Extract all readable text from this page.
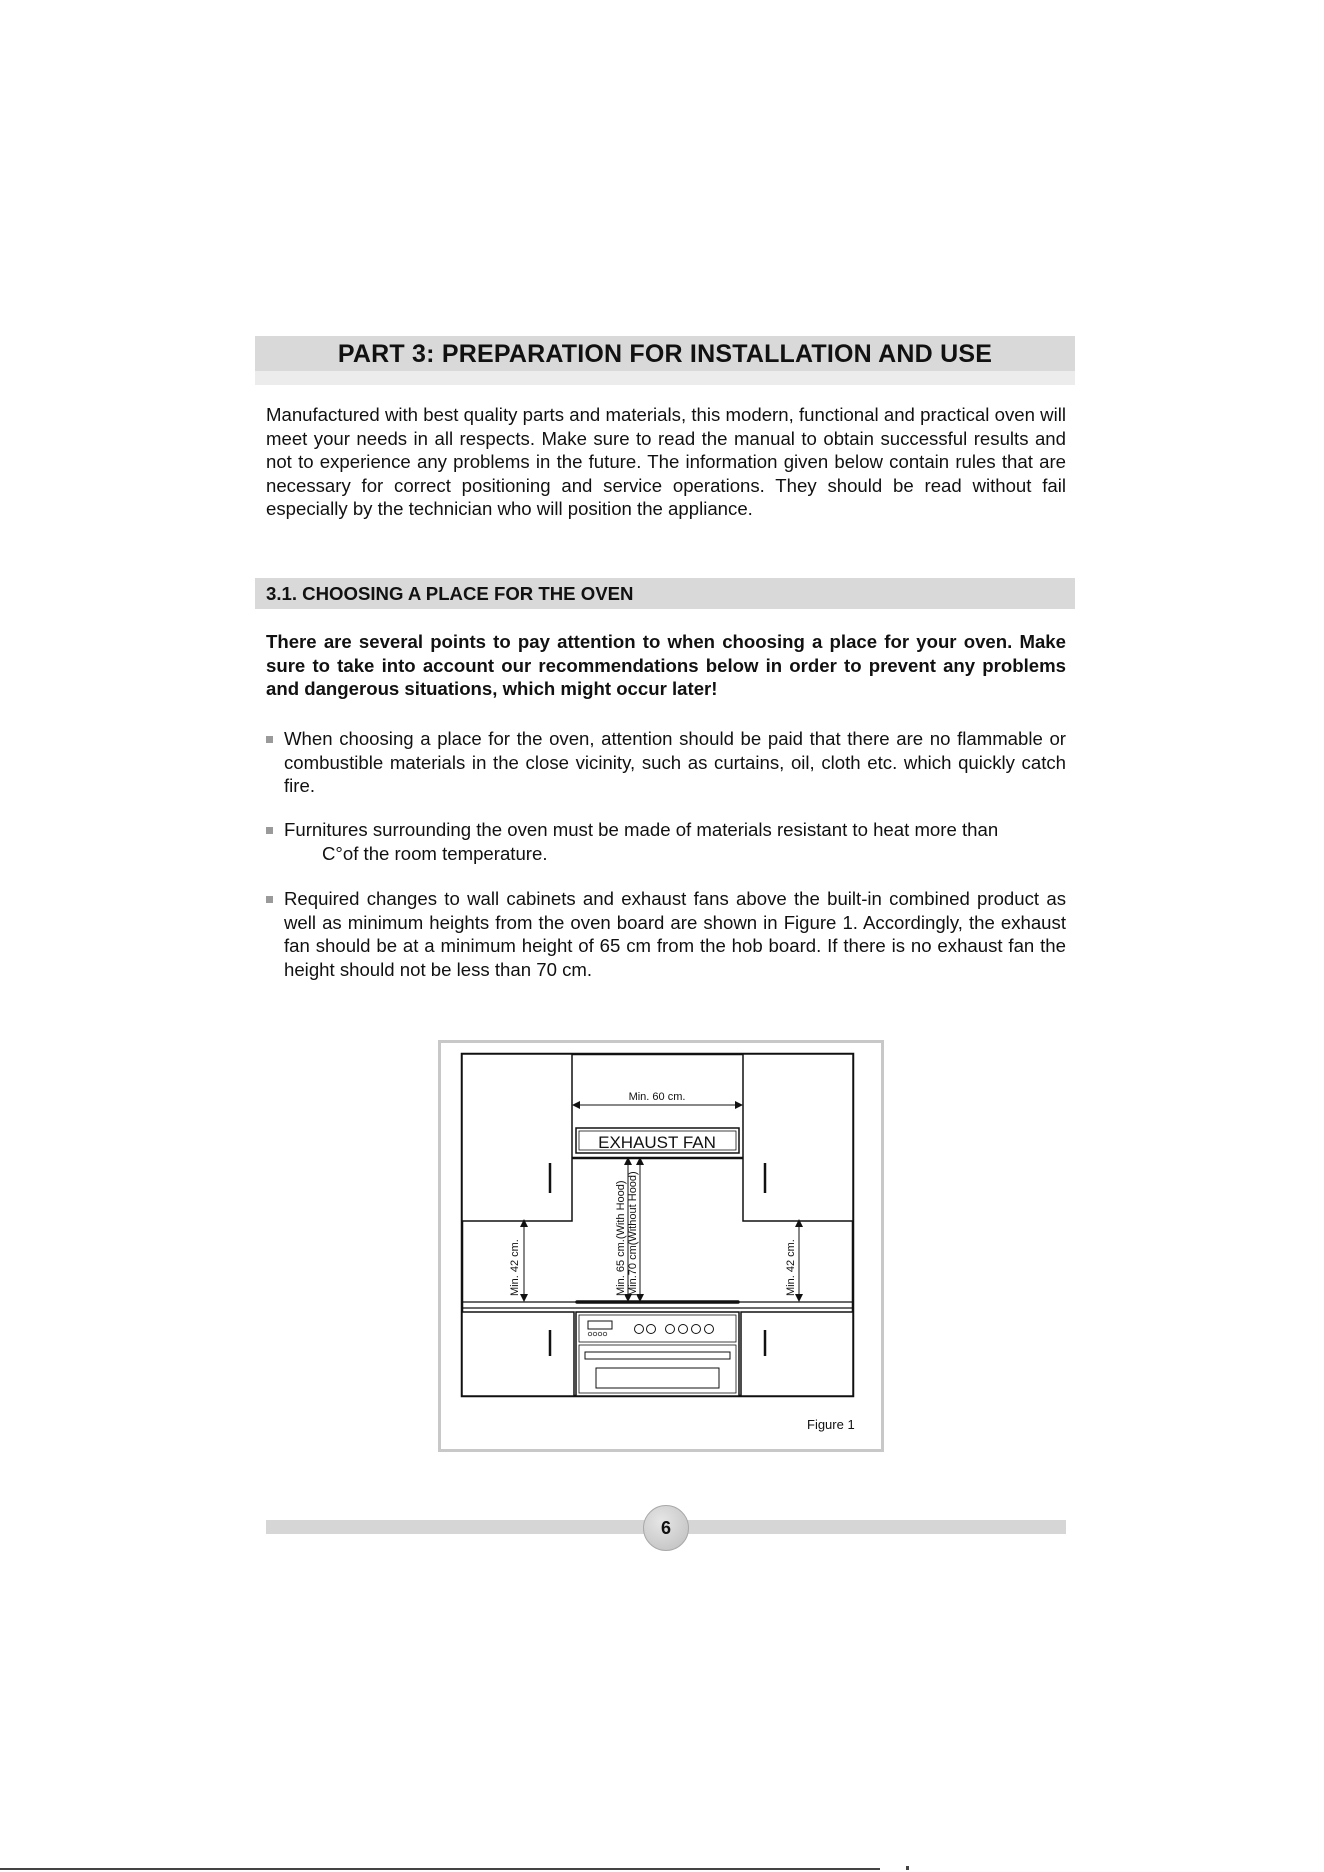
PART 3: PREPARATION FOR INSTALLATION AND USE
Manufactured with best quality parts and materials, this modern, functional and practical oven will meet your needs in all respects. Make sure to read the manual to obtain successful results and not to experience any problems in the future. The information given below contain rules that are necessary for correct positioning and service operations. They should be read without fail especially by the technician who will position the appliance.
3.1. CHOOSING A PLACE FOR THE OVEN
There are several points to pay attention to when choosing a place for your oven. Make sure to take into account our recommendations below in order to prevent any problems and dangerous situations, which might occur later!
When choosing a place for the oven, attention should be paid that there are no flammable or combustible materials in the close vicinity, such as curtains, oil, cloth etc. which quickly catch fire.
Furnitures surrounding the oven must be made of materials resistant to heat more than
C°of the room temperature.
Required changes to wall cabinets and exhaust fans above the built-in combined product as well as minimum heights from the oven board are shown in Figure 1. Accordingly, the exhaust fan should be at a minimum height of 65 cm from the hob board. If there is no exhaust fan the height should not be less than 70 cm.
Min. 60 cm.
EXHAUST FAN
Min. 42 cm.	Min. 42 cm.
Min. 65 cm.(With Hood) Min.70 cm(Without Hood)
Figure 1
6
